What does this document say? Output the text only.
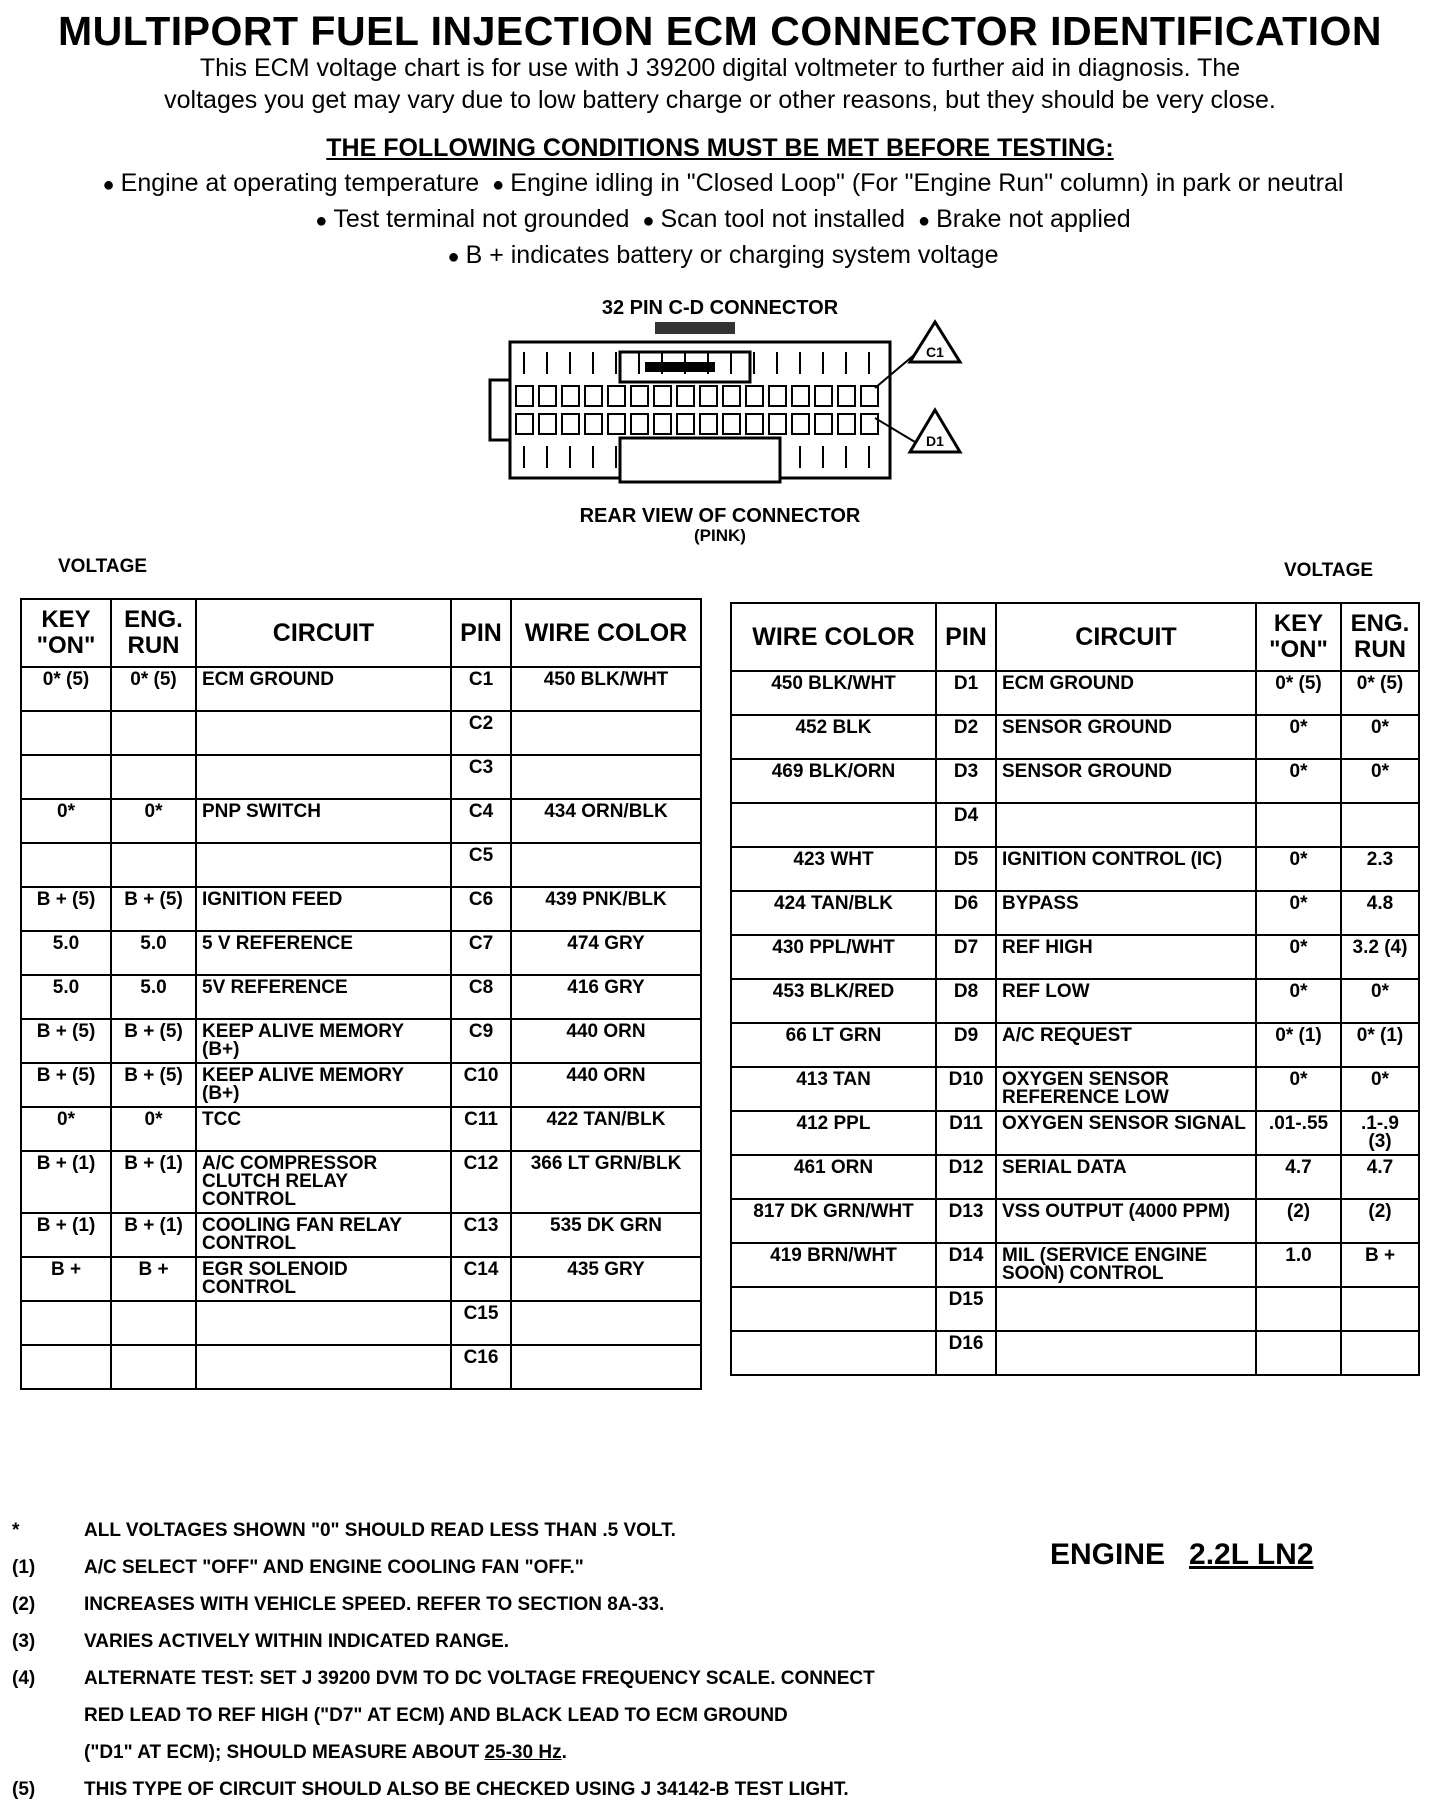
MULTIPORT FUEL INJECTION ECM CONNECTOR IDENTIFICATION
This ECM voltage chart is for use with J 39200 digital voltmeter to further aid in diagnosis. The
voltages you get may vary due to low battery charge or other reasons, but they should be very close.
THE FOLLOWING CONDITIONS MUST BE MET BEFORE TESTING:
● Engine at operating temperature ● Engine idling in "Closed Loop" (For "Engine Run" column) in park or neutral
● Test terminal not grounded ● Scan tool not installed ● Brake not applied
● B + indicates battery or charging system voltage
32 PIN C-D CONNECTOR
C1
D1
REAR VIEW OF CONNECTOR
(PINK)
VOLTAGE	VOLTAGE
KEY "ON"	ENG. RUN	CIRCUIT	PIN	WIRE COLOR
0* (5)	0* (5)	ECM GROUND	C1	450 BLK/WHT
			C2	
			C3	
0*	0*	PNP SWITCH	C4	434 ORN/BLK
			C5	
B + (5)	B + (5)	IGNITION FEED	C6	439 PNK/BLK
5.0	5.0	5 V REFERENCE	C7	474 GRY
5.0	5.0	5V REFERENCE	C8	416 GRY
B + (5)	B + (5)	KEEP ALIVE MEMORY (B+)	C9	440 ORN
B + (5)	B + (5)	KEEP ALIVE MEMORY (B+)	C10	440 ORN
0*	0*	TCC	C11	422 TAN/BLK
B + (1)	B + (1)	A/C COMPRESSOR CLUTCH RELAY CONTROL	C12	366 LT GRN/BLK
B + (1)	B + (1)	COOLING FAN RELAY CONTROL	C13	535 DK GRN
B +	B +	EGR SOLENOID CONTROL	C14	435 GRY
			C15	
			C16	
WIRE COLOR	PIN	CIRCUIT	KEY "ON"	ENG. RUN
450 BLK/WHT	D1	ECM GROUND	0* (5)	0* (5)
452 BLK	D2	SENSOR GROUND	0*	0*
469 BLK/ORN	D3	SENSOR GROUND	0*	0*
	D4			
423 WHT	D5	IGNITION CONTROL (IC)	0*	2.3
424 TAN/BLK	D6	BYPASS	0*	4.8
430 PPL/WHT	D7	REF HIGH	0*	3.2 (4)
453 BLK/RED	D8	REF LOW	0*	0*
66 LT GRN	D9	A/C REQUEST	0* (1)	0* (1)
413 TAN	D10	OXYGEN SENSOR REFERENCE LOW	0*	0*
412 PPL	D11	OXYGEN SENSOR SIGNAL	.01-.55	.1-.9 (3)
461 ORN	D12	SERIAL DATA	4.7	4.7
817 DK GRN/WHT	D13	VSS OUTPUT (4000 PPM)	(2)	(2)
419 BRN/WHT	D14	MIL (SERVICE ENGINE SOON) CONTROL	1.0	B +
	D15			
	D16			
*	ALL VOLTAGES SHOWN "0" SHOULD READ LESS THAN .5 VOLT.
(1)	A/C SELECT "OFF" AND ENGINE COOLING FAN "OFF."
(2)	INCREASES WITH VEHICLE SPEED. REFER TO SECTION 8A-33.
(3)	VARIES ACTIVELY WITHIN INDICATED RANGE.
(4)	ALTERNATE TEST: SET J 39200 DVM TO DC VOLTAGE FREQUENCY SCALE. CONNECT
RED LEAD TO REF HIGH ("D7" AT ECM) AND BLACK LEAD TO ECM GROUND
("D1" AT ECM); SHOULD MEASURE ABOUT 25-30 Hz.
(5)	THIS TYPE OF CIRCUIT SHOULD ALSO BE CHECKED USING J 34142-B TEST LIGHT.
ENGINE 2.2L LN2
